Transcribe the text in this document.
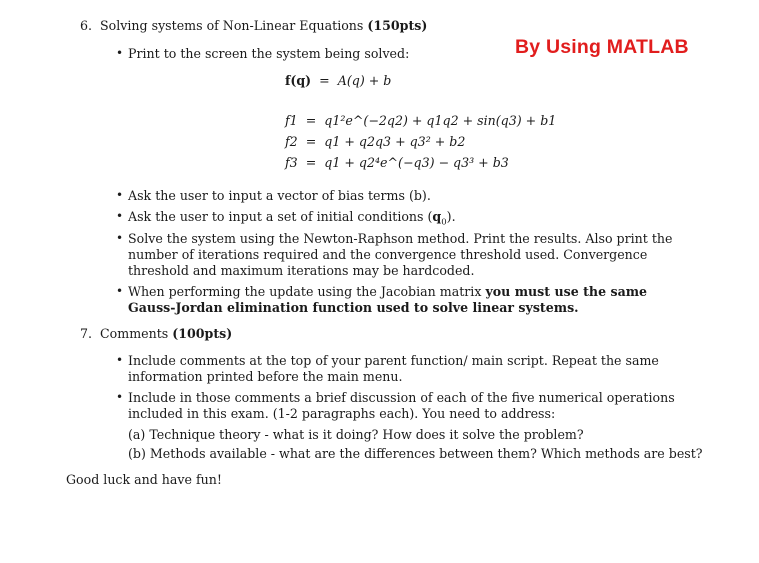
6. Solving systems of Non-Linear Equations (150pts)
By Using MATLAB
• Print to the screen the system being solved:
f(q) = A(q) + b
f1  =  q1²e^(−2q2) + q1q2 + sin(q3) + b1
f2  =  q1 + q2q3 + q3² + b2
f3  =  q1 + q2⁴e^(−q3) − q3³ + b3
• Ask the user to input a vector of bias terms (b).
• Ask the user to input a set of initial conditions $(q_0)$.
• Solve the system using the Newton-Raphson method. Print the results. Also print the number of iterations required and the convergence threshold used. Convergence threshold and maximum iterations may be hardcoded.
• When performing the update using the Jacobian matrix you must use the same Gauss-Jordan elimination function used to solve linear systems.
7. Comments (100pts)
• Include comments at the top of your parent function/ main script. Repeat the same information printed before the main menu.
• Include in those comments a brief discussion of each of the five numerical operations included in this exam. (1-2 paragraphs each). You need to address:
(a) Technique theory - what is it doing? How does it solve the problem?
(b) Methods available - what are the differences between them? Which methods are best?
Good luck and have fun!
